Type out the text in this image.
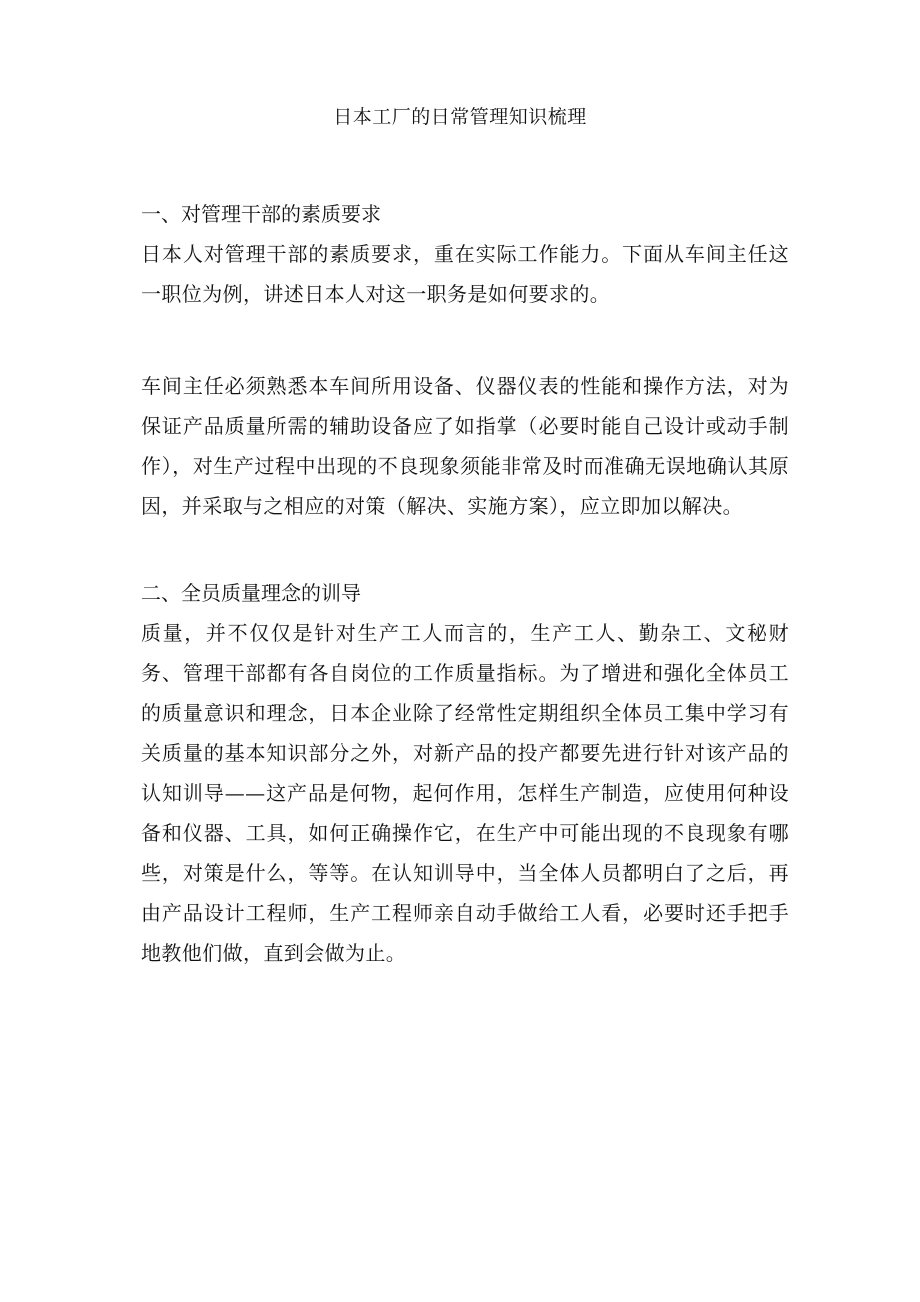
日本工厂的日常管理知识梳理
一、对管理干部的素质要求

日本人对管理干部的素质要求，重在实际工作能力。下面从车间主任这一职位为例，讲述日本人对这一职务是如何要求的。

车间主任必须熟悉本车间所用设备、仪器仪表的性能和操作方法，对为保证产品质量所需的辅助设备应了如指掌（必要时能自己设计或动手制作），对生产过程中出现的不良现象须能非常及时而准确无误地确认其原因，并采取与之相应的对策（解决、实施方案），应立即加以解决。

二、全员质量理念的训导

质量，并不仅仅是针对生产工人而言的，生产工人、勤杂工、文秘财务、管理干部都有各自岗位的工作质量指标。为了增进和强化全体员工的质量意识和理念，日本企业除了经常性定期组织全体员工集中学习有关质量的基本知识部分之外，对新产品的投产都要先进行针对该产品的认知训导——这产品是何物，起何作用，怎样生产制造，应使用何种设备和仪器、工具，如何正确操作它，在生产中可能出现的不良现象有哪些，对策是什么，等等。在认知训导中，当全体人员都明白了之后，再由产品设计工程师，生产工程师亲自动手做给工人看，必要时还手把手地教他们做，直到会做为止。
